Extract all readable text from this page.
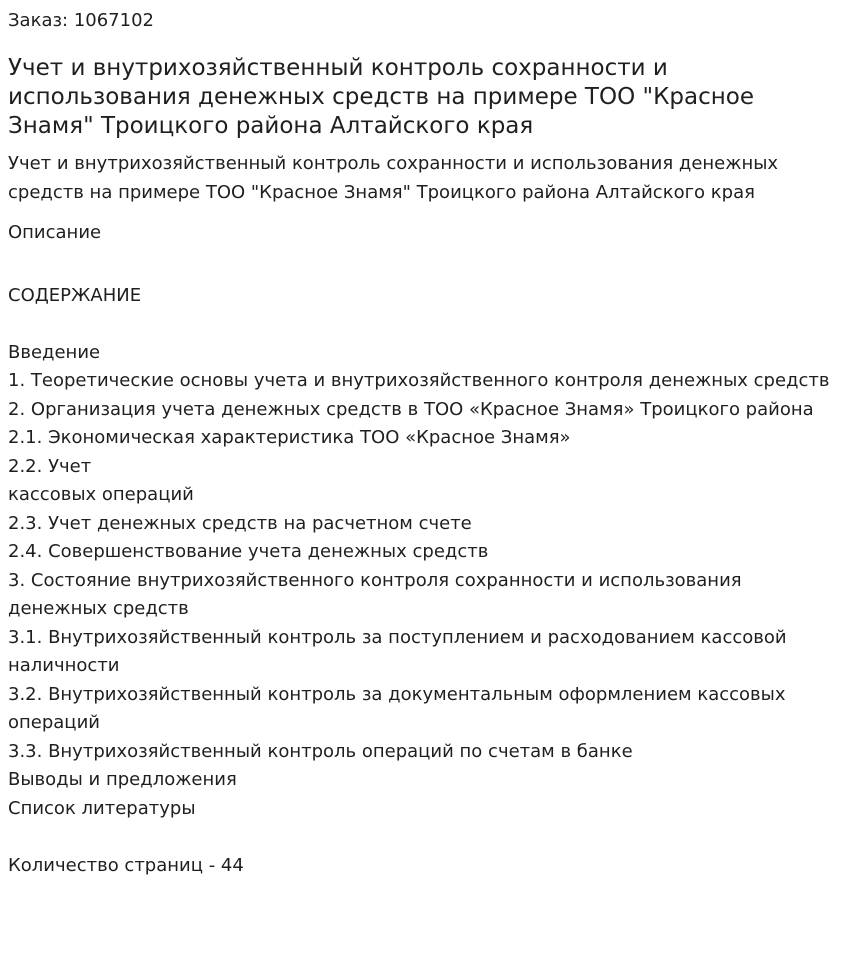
Заказ: 1067102

Учет и внутрихозяйственный контроль сохранности и использования денежных средств на примере ТОО "Красное Знамя" Троицкого района Алтайского края

Учет и внутрихозяйственный контроль сохранности и использования денежных средств на примере ТОО "Красное Знамя" Троицкого района Алтайского края

Описание

СОДЕРЖАНИЕ
Введение
1. Теоретические основы учета и внутрихозяйственного контроля денежных средств
2. Организация учета денежных средств в ТОО «Красное Знамя» Троицкого района
2.1. Экономическая характеристика ТОО «Красное Знамя»
2.2. Учет
кассовых операций
2.3. Учет денежных средств на расчетном счете
2.4. Совершенствование учета денежных средств
3. Состояние внутрихозяйственного контроля сохранности и использования денежных средств
3.1. Внутрихозяйственный контроль за поступлением и расходованием кассовой наличности
3.2. Внутрихозяйственный контроль за документальным оформлением кассовых операций
3.3. Внутрихозяйственный контроль операций по счетам в банке
Выводы и предложения
Список литературы
Количество страниц - 44
